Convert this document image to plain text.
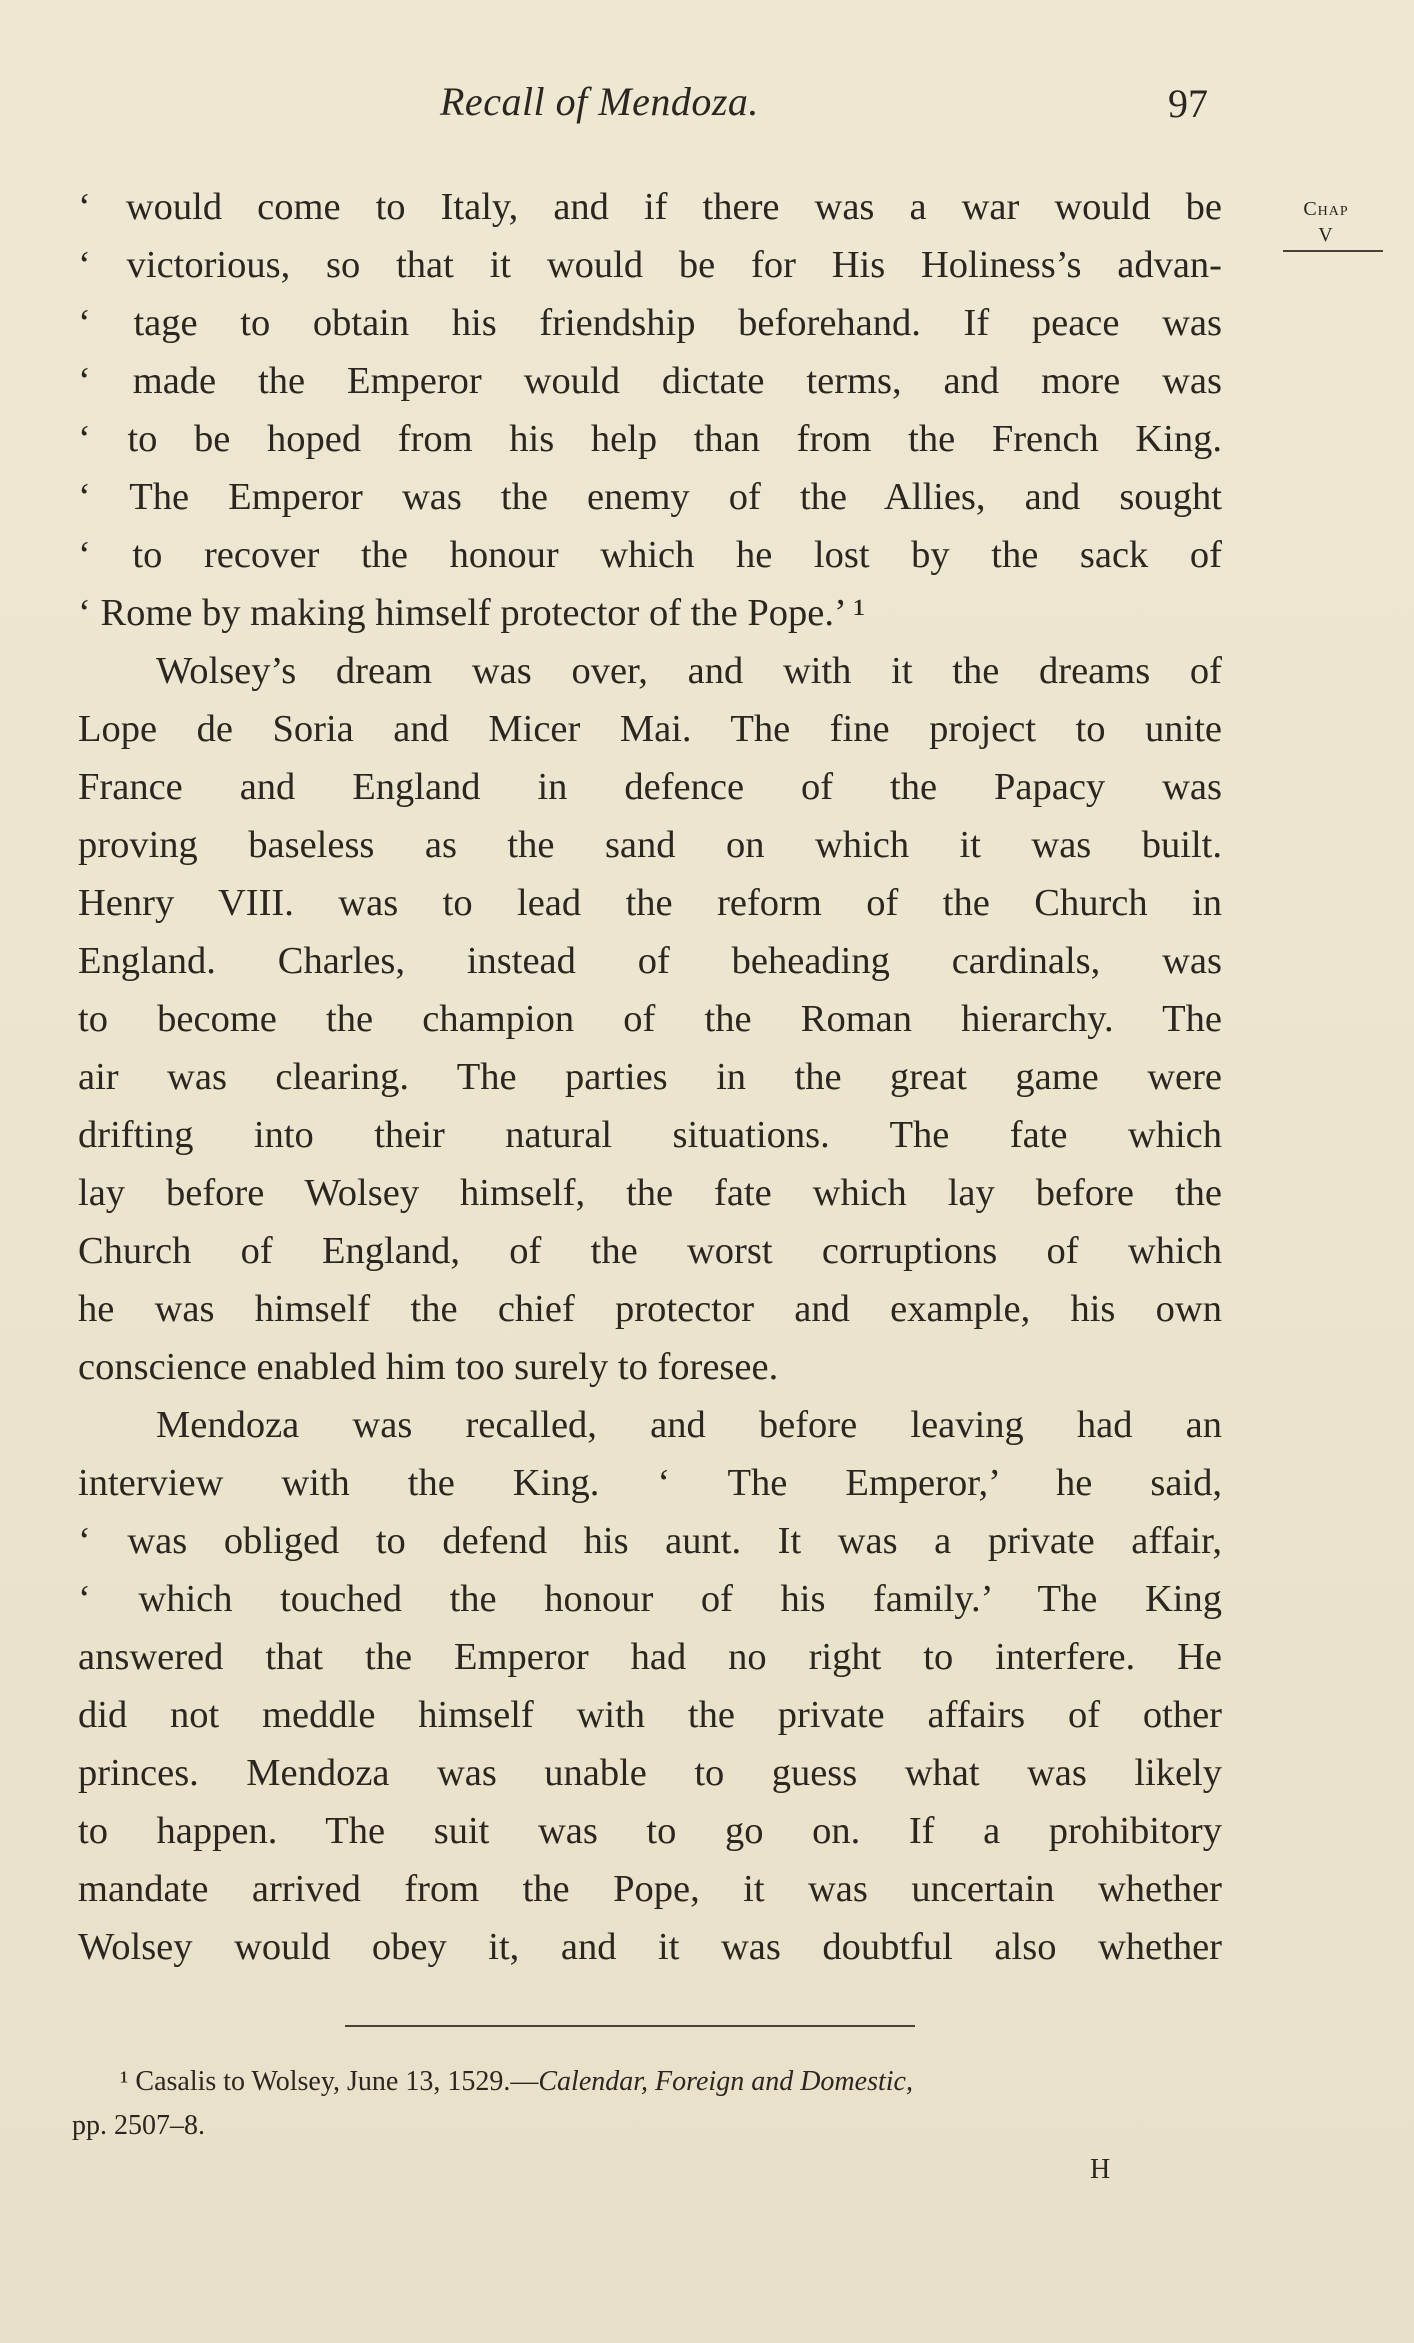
Recall of Mendoza.	97
Chap
V
‘ would come to Italy, and if there was a war would be
‘ victorious, so that it would be for His Holiness’s advan-
‘ tage to obtain his friendship beforehand. If peace was
‘ made the Emperor would dictate terms, and more was
‘ to be hoped from his help than from the French King.
‘ The Emperor was the enemy of the Allies, and sought
‘ to recover the honour which he lost by the sack of
‘ Rome by making himself protector of the Pope.’ ¹
Wolsey’s dream was over, and with it the dreams of
Lope de Soria and Micer Mai. The fine project to unite
France and England in defence of the Papacy was
proving baseless as the sand on which it was built.
Henry VIII. was to lead the reform of the Church in
England. Charles, instead of beheading cardinals, was
to become the champion of the Roman hierarchy. The
air was clearing. The parties in the great game were
drifting into their natural situations. The fate which
lay before Wolsey himself, the fate which lay before the
Church of England, of the worst corruptions of which
he was himself the chief protector and example, his own
conscience enabled him too surely to foresee.
Mendoza was recalled, and before leaving had an
interview with the King. ‘ The Emperor,’ he said,
‘ was obliged to defend his aunt. It was a private affair,
‘ which touched the honour of his family.’ The King
answered that the Emperor had no right to interfere. He
did not meddle himself with the private affairs of other
princes. Mendoza was unable to guess what was likely
to happen. The suit was to go on. If a prohibitory
mandate arrived from the Pope, it was uncertain whether
Wolsey would obey it, and it was doubtful also whether
¹ Casalis to Wolsey, June 13, 1529.—Calendar, Foreign and Domestic,
pp. 2507–8.
H
